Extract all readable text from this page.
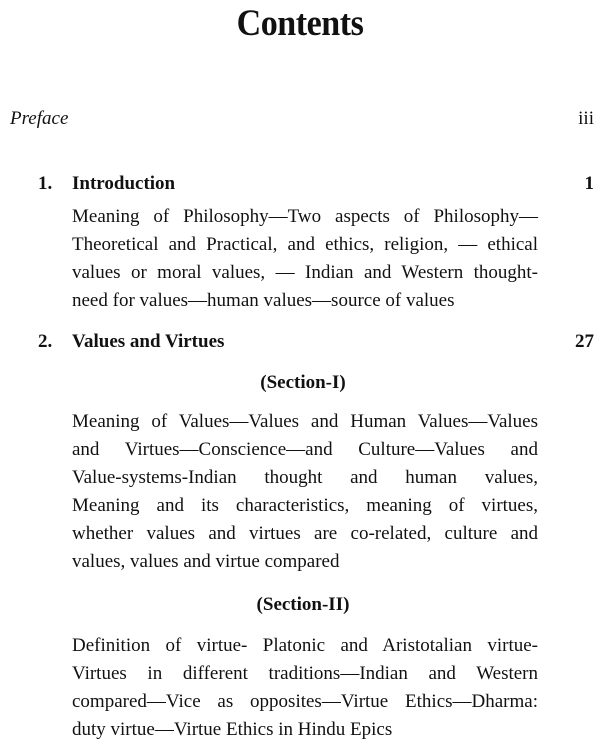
Contents
Preface	iii
1. Introduction	1
Meaning of Philosophy—Two aspects of Philosophy—
Theoretical and Practical, and ethics, religion, — ethical
values or moral values, — Indian and Western thought-
need for values—human values—source of values
2. Values and Virtues	27
(Section-I)
Meaning of Values—Values and Human Values—Values
and Virtues—Conscience—and Culture—Values and
Value-systems-Indian thought and human values,
Meaning and its characteristics, meaning of virtues,
whether values and virtues are co-related, culture and
values, values and virtue compared
(Section-II)
Definition of virtue- Platonic and Aristotalian virtue-
Virtues in different traditions—Indian and Western
compared—Vice as opposites—Virtue Ethics—Dharma:
duty virtue—Virtue Ethics in Hindu Epics
